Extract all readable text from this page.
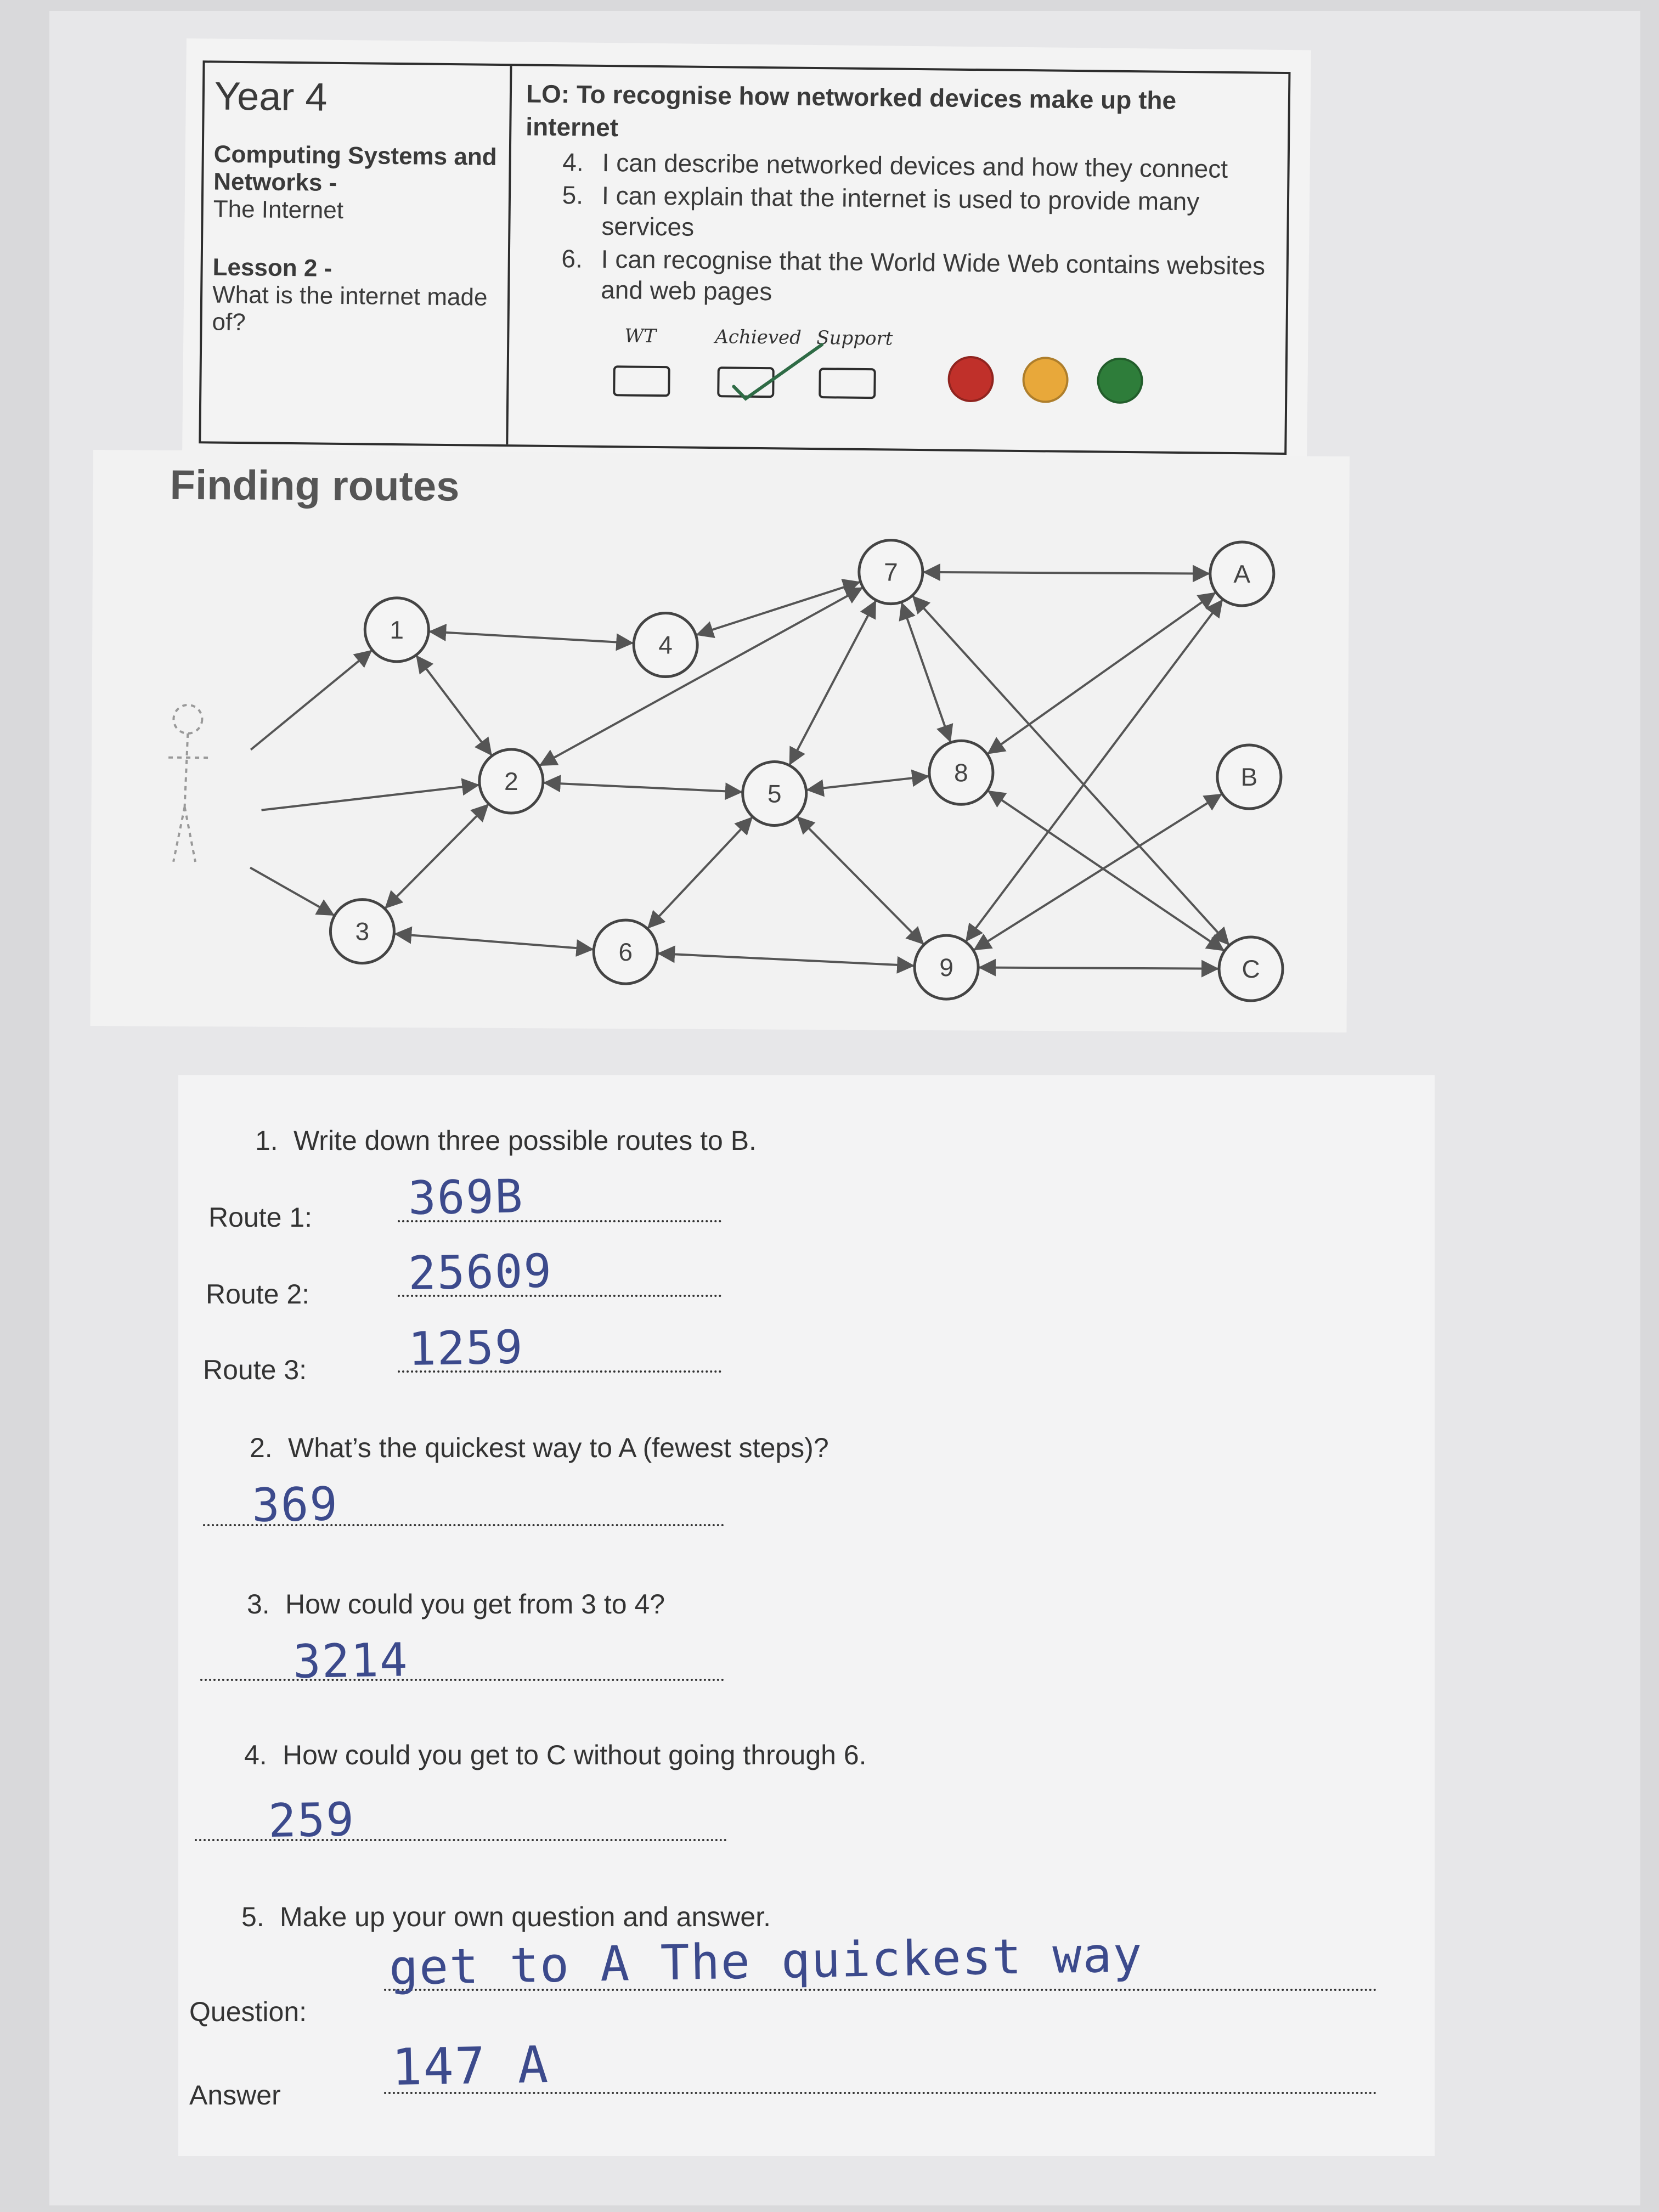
Year 4

Computing Systems and Networks -

The Internet

Lesson 2 -

What is the internet made of?

LO: To recognise how networked devices make up the internet

4. I can describe networked devices and how they connect
5. I can explain that the internet is used to provide many services
6. I can recognise that the World Wide Web contains websites and web pages
WT	Achieved Support
Finding routes
1
2
3
4
5
6
7
8
9
A
B
C
1. Write down three possible routes to B.
Route 1: 369B
Route 2: 25609
Route 3: 1259
2. What’s the quickest way to A (fewest steps)?
369
3. How could you get from 3 to 4?
3214
4. How could you get to C without going through 6.
259
5. Make up your own question and answer.
Question:
get to A The quickest way
Answer 147 A
